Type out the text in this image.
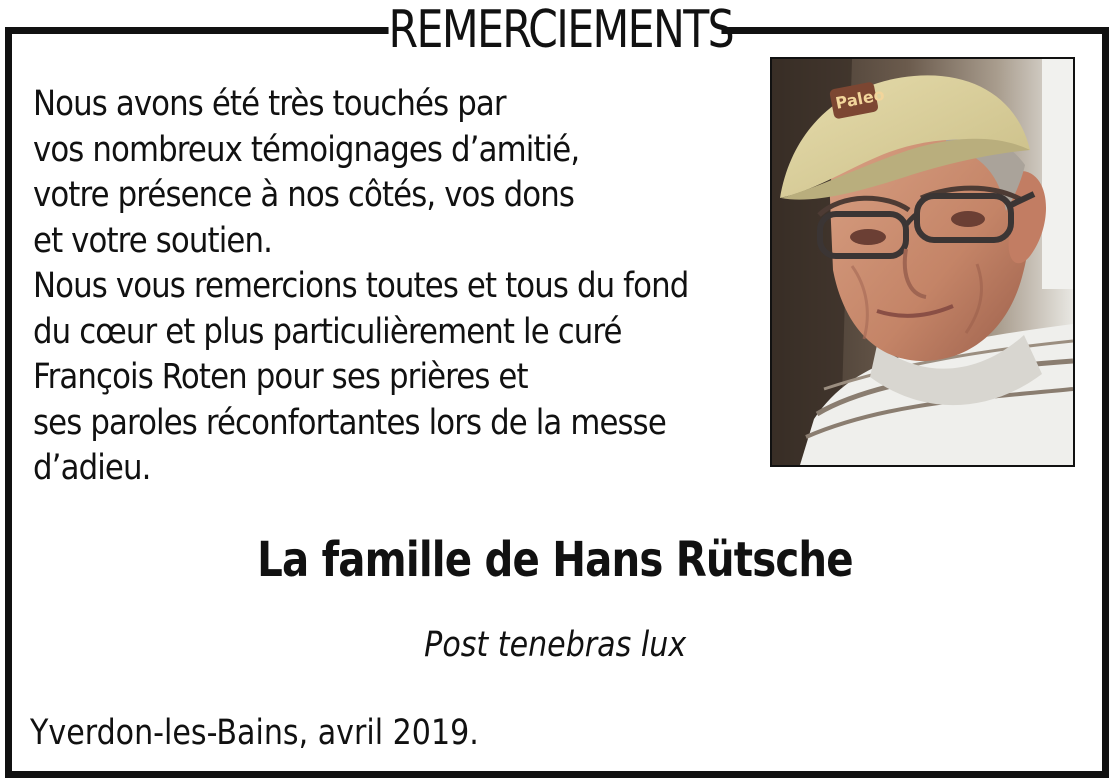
REMERCIEMENTS
Nous avons été très touchés par
vos nombreux témoignages d’amitié,
votre présence à nos côtés, vos dons
et votre soutien.
Nous vous remercions toutes et tous du fond
du cœur et plus particulièrement le curé
François Roten pour ses prières et
ses paroles réconfortantes lors de la messe
d’adieu.
Paleo
La famille de Hans Rütsche
Post tenebras lux
Yverdon-les-Bains, avril 2019.
